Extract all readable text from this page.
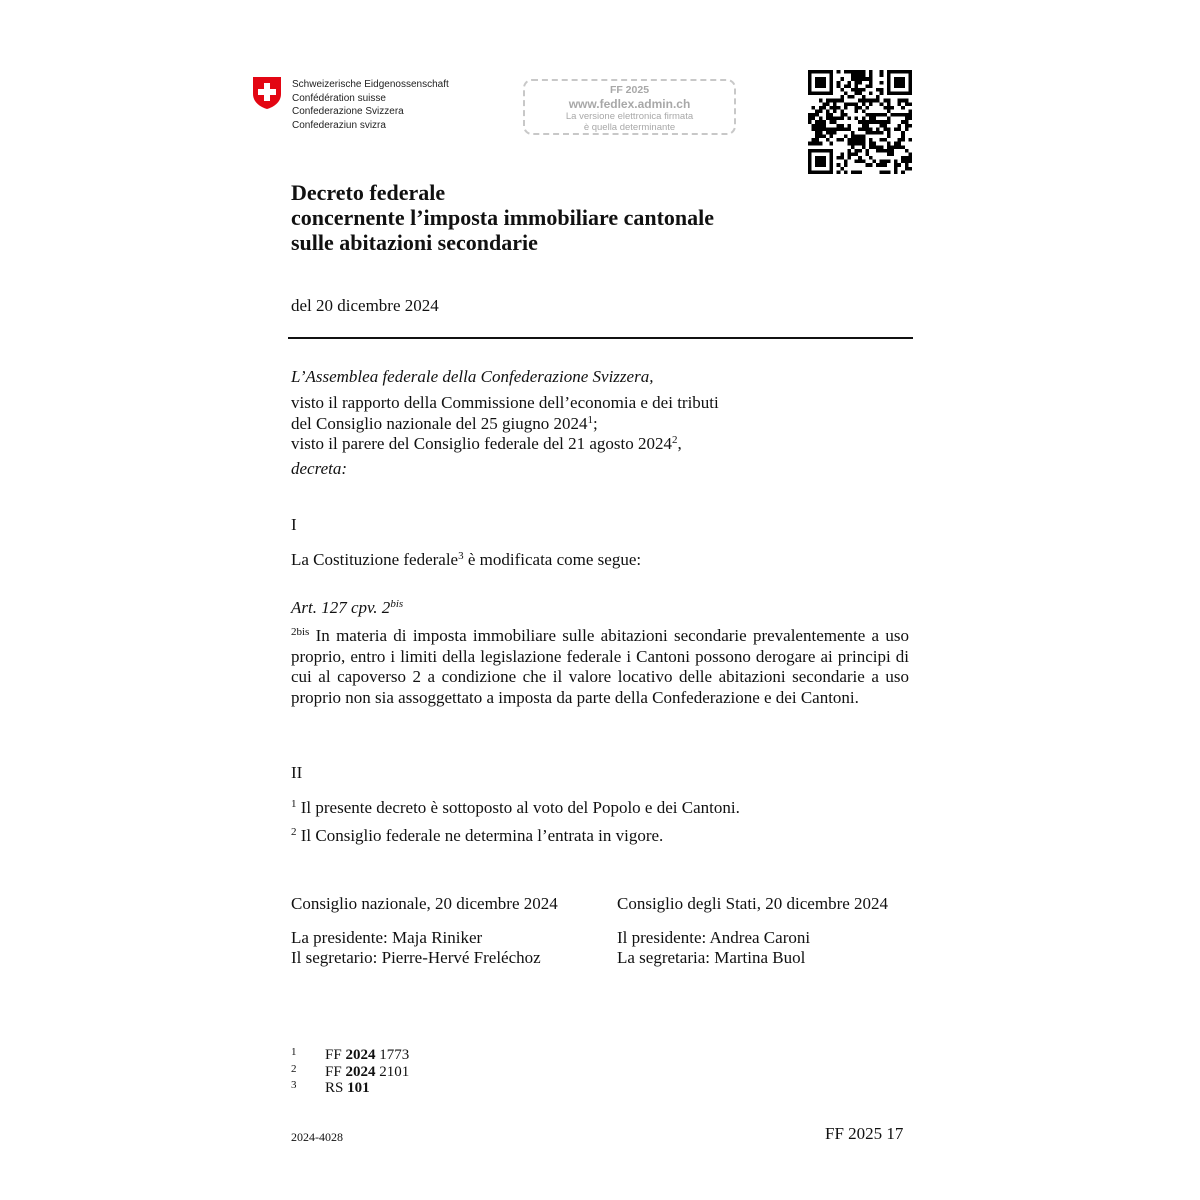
Schweizerische Eidgenossenschaft
Confédération suisse
Confederazione Svizzera
Confederaziun svizra
FF 2025
www.fedlex.admin.ch
La versione elettronica firmata
è quella determinante
Decreto federale
concernente l’imposta immobiliare cantonale
sulle abitazioni secondarie
del 20 dicembre 2024
L’Assemblea federale della Confederazione Svizzera,
visto il rapporto della Commissione dell’economia e dei tributi
del Consiglio nazionale del 25 giugno 2024$^1$;
visto il parere del Consiglio federale del 21 agosto 2024$^2$,
decreta:
I
La Costituzione federale$^3$ è modificata come segue:
Art. 127 cpv. $2^{bis}$
$^{2bis}$ In materia di imposta immobiliare sulle abitazioni secondarie prevalentemente a uso proprio, entro i limiti della legislazione federale i Cantoni possono derogare ai principi di cui al capoverso 2 a condizione che il valore locativo delle abitazioni secondarie a uso proprio non sia assoggettato a imposta da parte della Confederazione e dei Cantoni.
II
$^1$ Il presente decreto è sottoposto al voto del Popolo e dei Cantoni.
$^2$ Il Consiglio federale ne determina l’entrata in vigore.
Consiglio nazionale, 20 dicembre 2024
La presidente: Maja Riniker
Il segretario: Pierre-Hervé Freléchoz
Consiglio degli Stati, 20 dicembre 2024
Il presidente: Andrea Caroni
La segretaria: Martina Buol
1	FF 2024 1773
2	FF 2024 2101
3	RS 101
2024-4028	FF 2025 17
